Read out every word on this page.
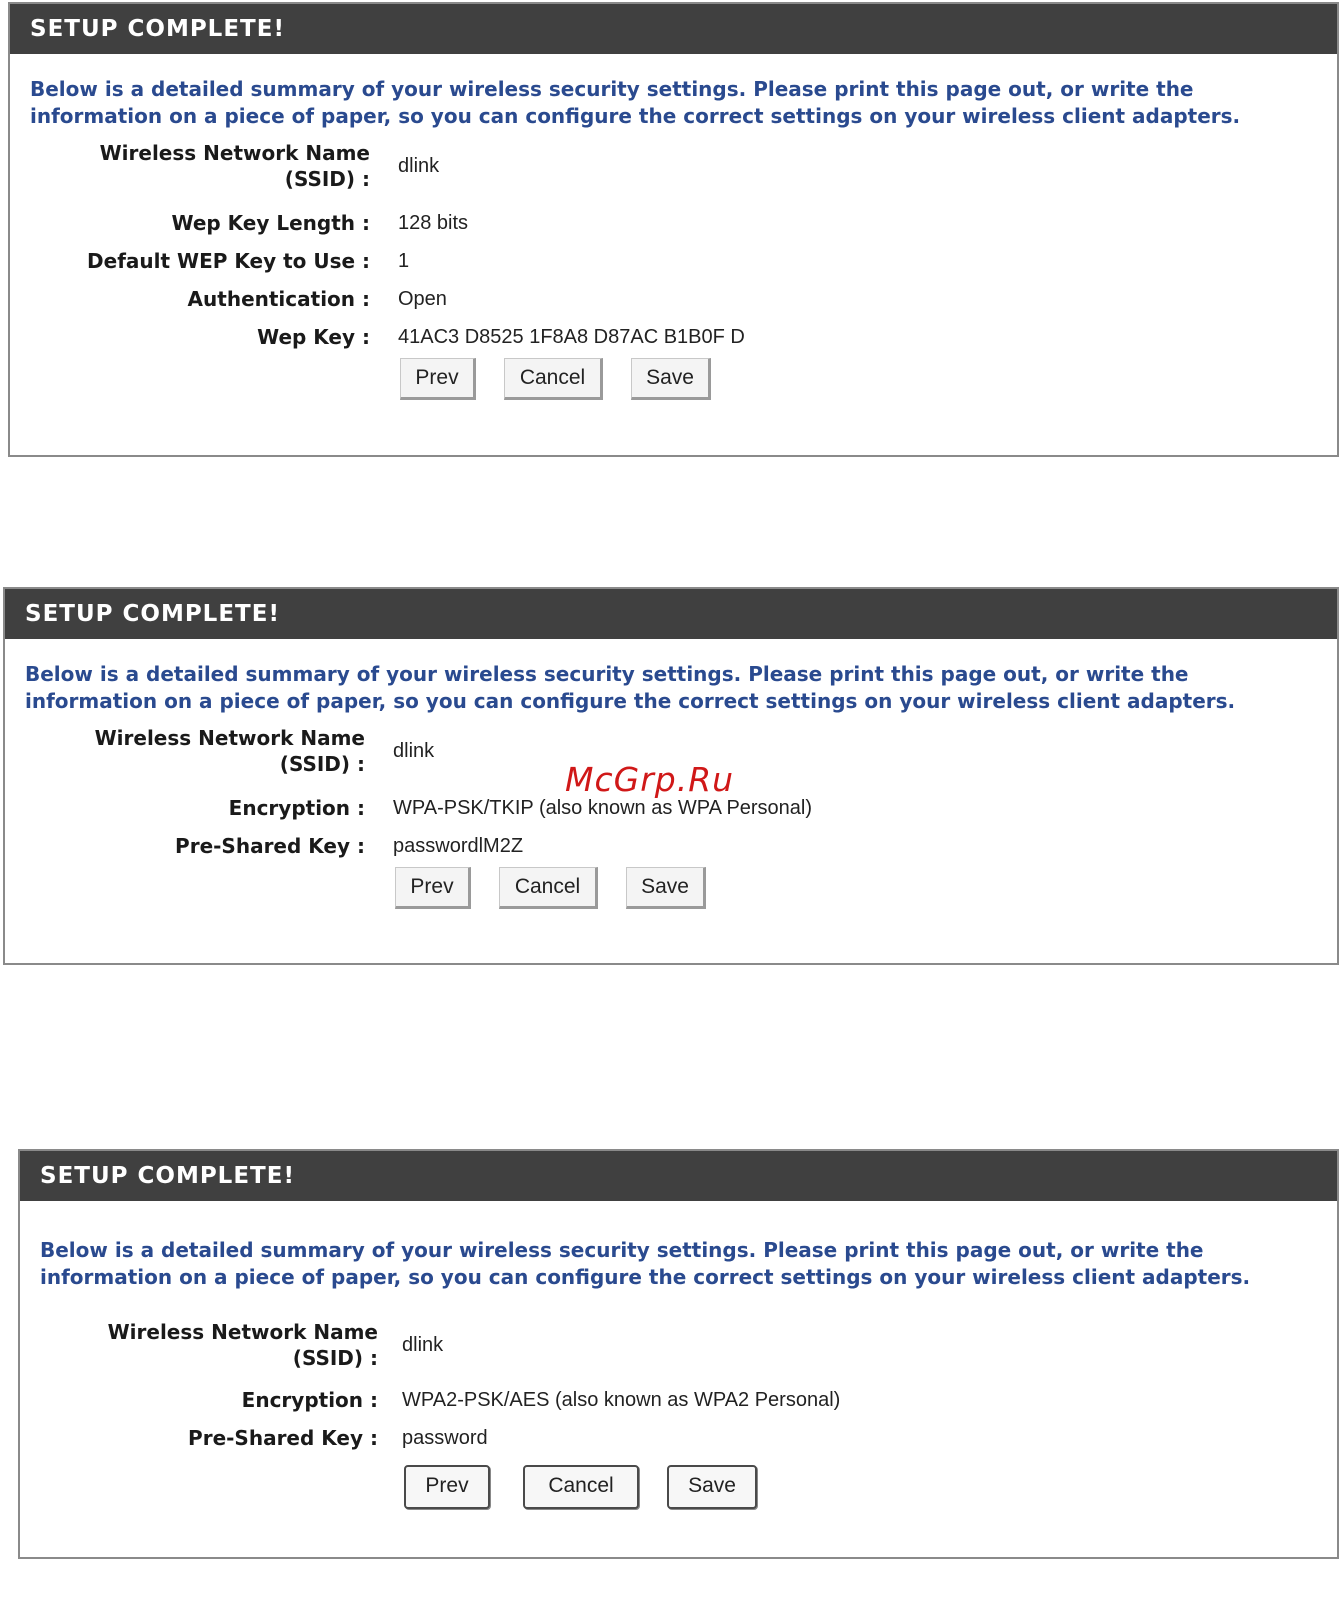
SETUP COMPLETE!
Below is a detailed summary of your wireless security settings. Please print this page out, or write the information on a piece of paper, so you can configure the correct settings on your wireless client adapters.
Wireless Network Name
(SSID) :
dlink
Wep Key Length : 128 bits
Default WEP Key to Use : 1
Authentication : Open
Wep Key : 41AC3 D8525 1F8A8 D87AC B1B0F D
Prev	Cancel	Save
SETUP COMPLETE!
Below is a detailed summary of your wireless security settings. Please print this page out, or write the information on a piece of paper, so you can configure the correct settings on your wireless client adapters.
Wireless Network Name
(SSID) :
dlink
Encryption : WPA-PSK/TKIP (also known as WPA Personal)
Pre-Shared Key : passwordlM2Z
Prev	Cancel	Save
McGrp.Ru
SETUP COMPLETE!
Below is a detailed summary of your wireless security settings. Please print this page out, or write the information on a piece of paper, so you can configure the correct settings on your wireless client adapters.
Wireless Network Name
(SSID) :
dlink
Encryption : WPA2-PSK/AES (also known as WPA2 Personal)
Pre-Shared Key : password
Prev	Cancel	Save
